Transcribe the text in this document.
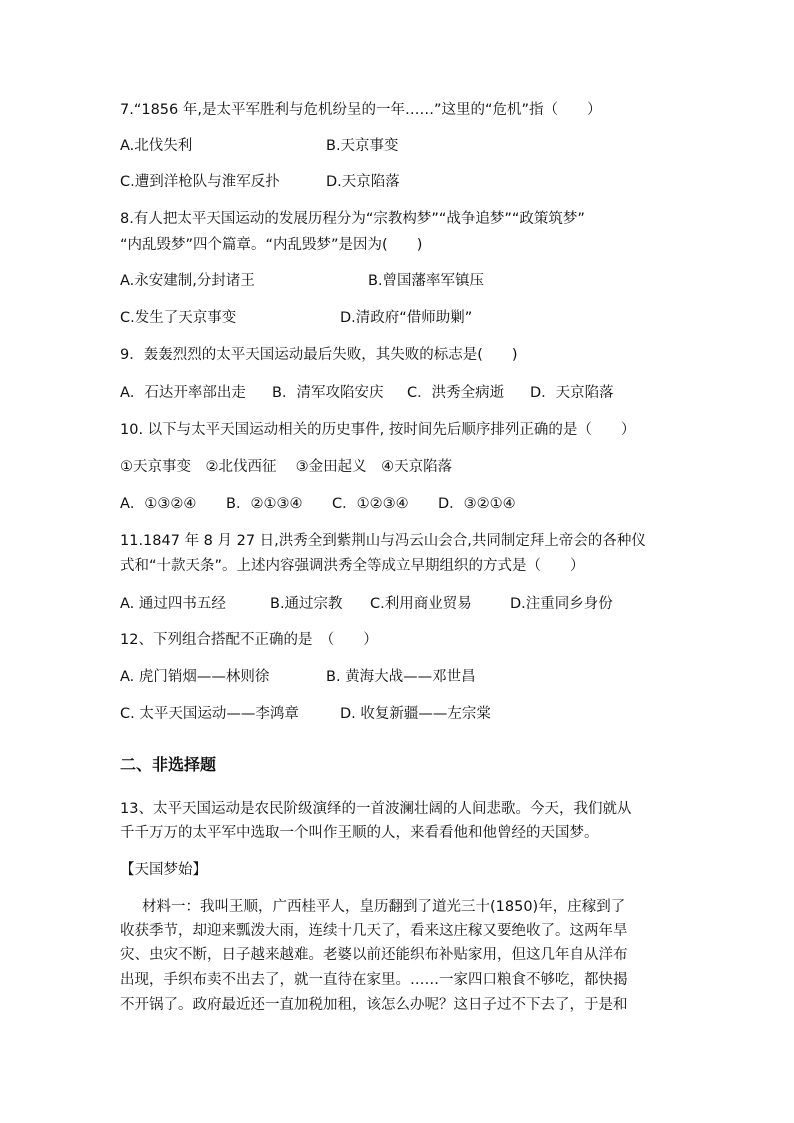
7.“1856 年,是太平军胜利与危机纷呈的一年……”这里的“危机”指（　　）
A.北伐失利	B.天京事变
C.遭到洋枪队与淮军反扑	D.天京陷落
8.有人把太平天国运动的发展历程分为“宗教构梦”“战争追梦”“政策筑梦”
“内乱毁梦”四个篇章。“内乱毁梦”是因为(　　)
A.永安建制,分封诸王	B.曾国藩率军镇压
C.发生了天京事变	D.清政府“借师助剿”
9．轰轰烈烈的太平天国运动最后失败，其失败的标志是(　　)
A．石达开率部出走 B．清军攻陷安庆 C．洪秀全病逝 D．天京陷落
10. 以下与太平天国运动相关的历史事件, 按时间先后顺序排列正确的是（　　）
①天京事变　②北伐西征　 ③金田起义　④天京陷落
A．①③②④ B．②①③④ C．①②③④ D．③②①④
11.1847 年 8 月 27 日,洪秀全到紫荆山与冯云山会合,共同制定拜上帝会的各种仪
式和“十款天条”。上述内容强调洪秀全等成立早期组织的方式是（　　）
A. 通过四书五经	B.通过宗教 C.利用商业贸易	D.注重同乡身份
12、下列组合搭配不正确的是　（　　）
A. 虎门销烟——林则徐	B. 黄海大战——邓世昌
C. 太平天国运动——李鸿章	D. 收复新疆——左宗棠
二、非选择题
13、太平天国运动是农民阶级演绎的一首波澜壮阔的人间悲歌。今天，我们就从
千千万万的太平军中选取一个叫作王顺的人，来看看他和他曾经的天国梦。
【天国梦始】
材料一：我叫王顺，广西桂平人，皇历翻到了道光三十(1850)年，庄稼到了
收获季节，却迎来瓢泼大雨，连续十几天了，看来这庄稼又要绝收了。这两年旱
灾、虫灾不断，日子越来越难。老婆以前还能织布补贴家用，但这几年自从洋布
出现，手织布卖不出去了，就一直待在家里。……一家四口粮食不够吃，都快揭
不开锅了。政府最近还一直加税加租，该怎么办呢？这日子过不下去了，于是和
